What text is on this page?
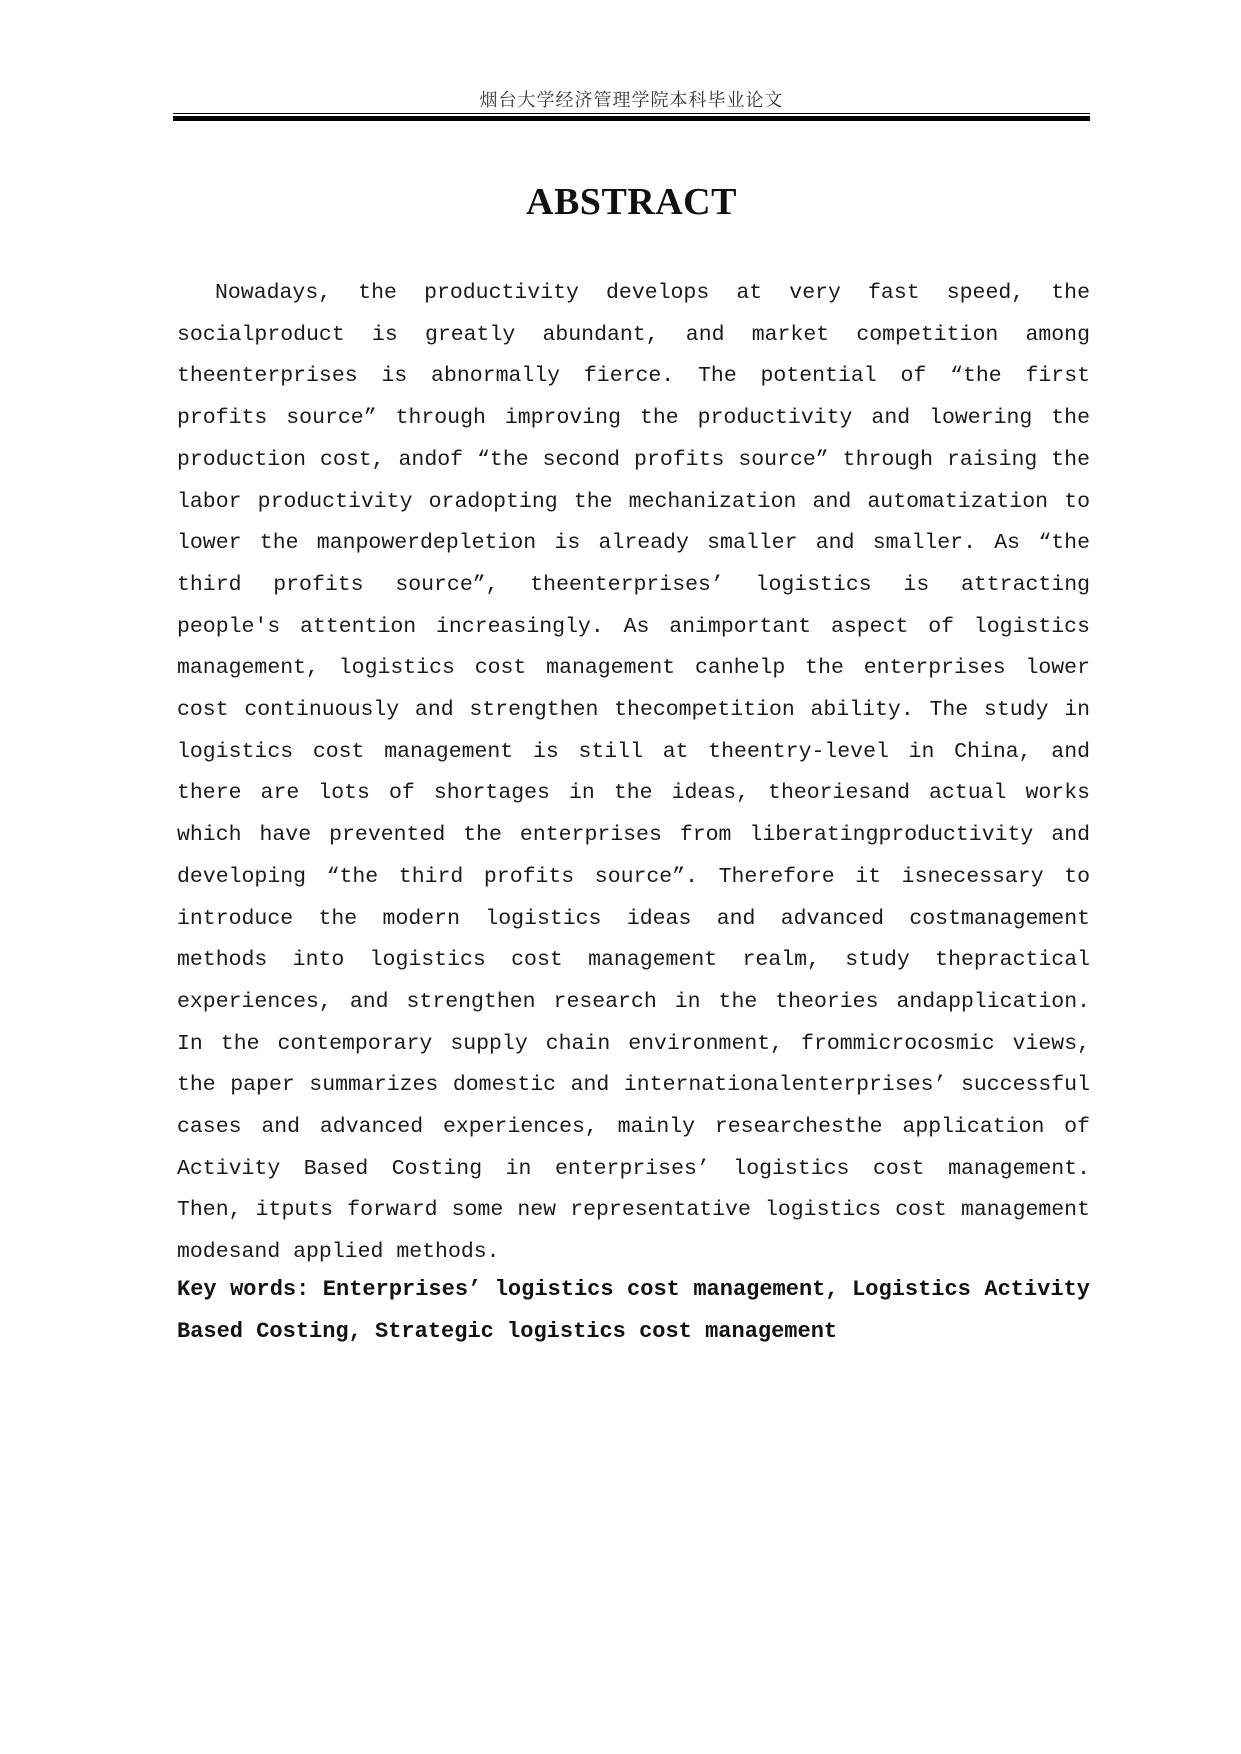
烟台大学经济管理学院本科毕业论文
ABSTRACT

Nowadays, the productivity develops at very fast speed, the socialproduct is greatly abundant, and market competition among theenterprises is abnormally fierce. The potential of “the first profits source” through improving the productivity and lowering the production cost, andof “the second profits source” through raising the labor productivity oradopting the mechanization and automatization to lower the manpowerdepletion is already smaller and smaller. As “the third profits source”, theenterprises’ logistics is attracting people's attention increasingly. As animportant aspect of logistics management, logistics cost management canhelp the enterprises lower cost continuously and strengthen thecompetition ability. The study in logistics cost management is still at theentry-level in China, and there are lots of shortages in the ideas, theoriesand actual works which have prevented the enterprises from liberatingproductivity and developing “the third profits source”. Therefore it isnecessary to introduce the modern logistics ideas and advanced costmanagement methods into logistics cost management realm, study thepractical experiences, and strengthen research in the theories andapplication. In the contemporary supply chain environment, frommicrocosmic views, the paper summarizes domestic and internationalenterprises’ successful cases and advanced experiences, mainly researchesthe application of Activity Based Costing in enterprises’ logistics cost management. Then, itputs forward some new representative logistics cost management modesand applied methods.

Key words: Enterprises’ logistics cost management, Logistics Activity Based Costing, Strategic logistics cost management
